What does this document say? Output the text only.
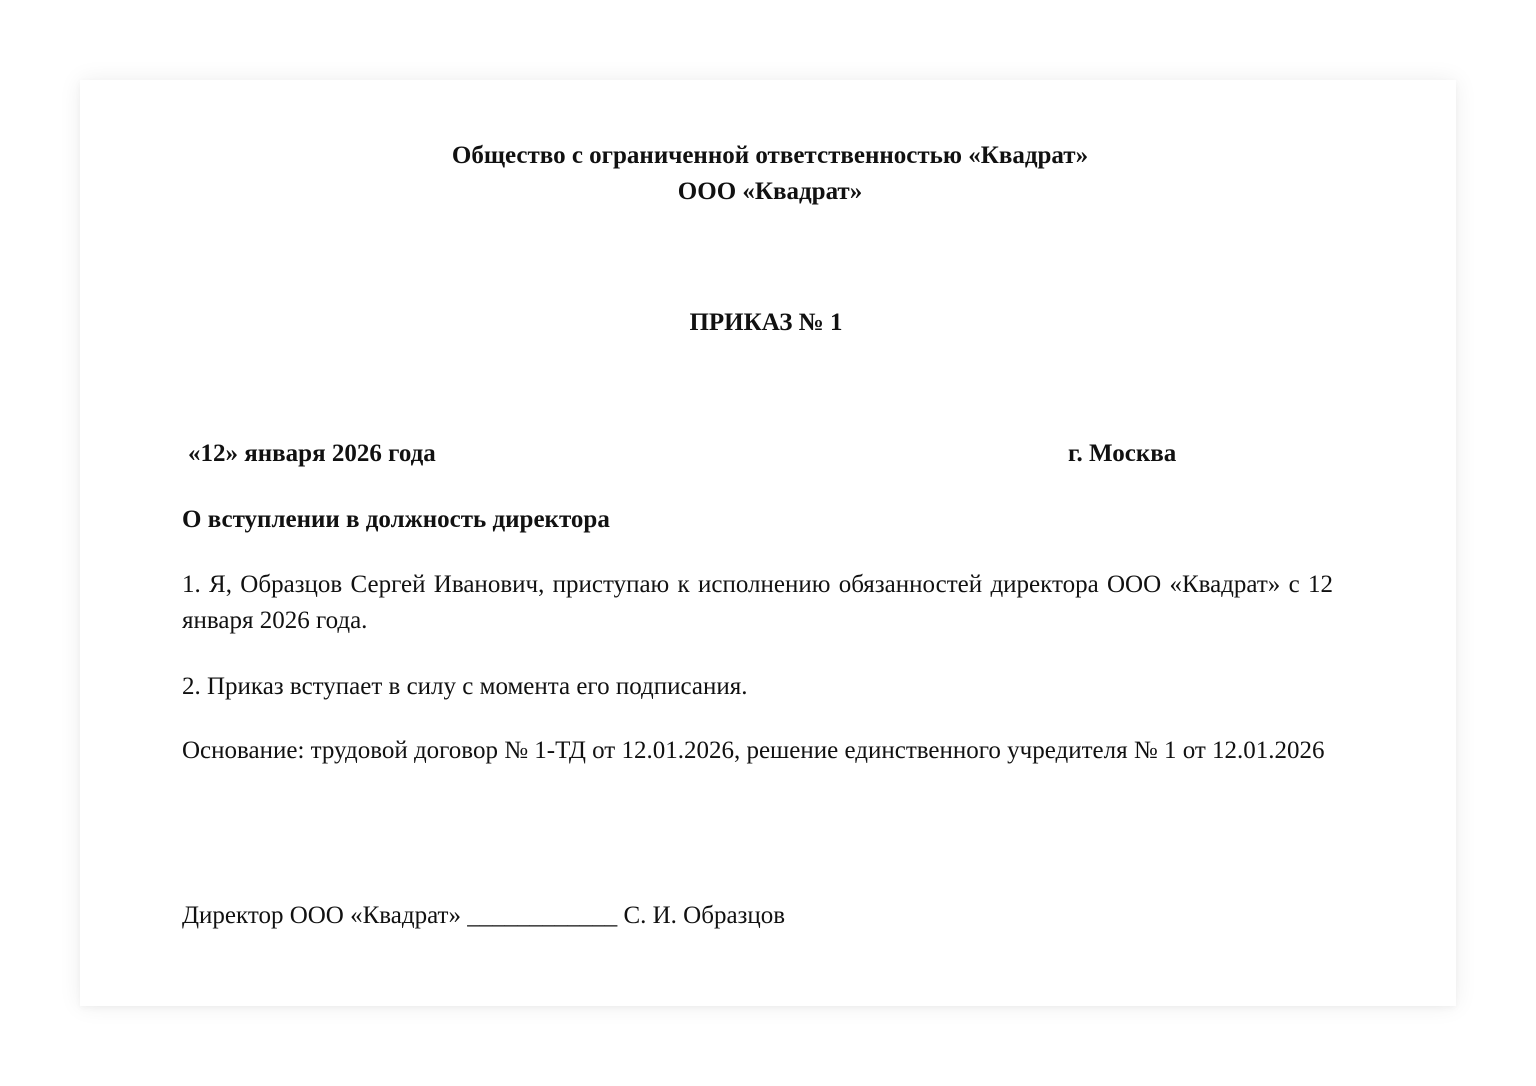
Общество с ограниченной ответственностью «Квадрат»
ООО «Квадрат»
ПРИКАЗ № 1
«12» января 2026 года	г. Москва
О вступлении в должность директора
1. Я, Образцов Сергей Иванович, приступаю к исполнению обязанностей директора ООО «Квадрат» с 12 января 2026 года.
2. Приказ вступает в силу с момента его подписания.
Основание: трудовой договор № 1-ТД от 12.01.2026, решение единственного учредителя № 1 от 12.01.2026
Директор ООО «Квадрат» ____________ С. И. Образцов
